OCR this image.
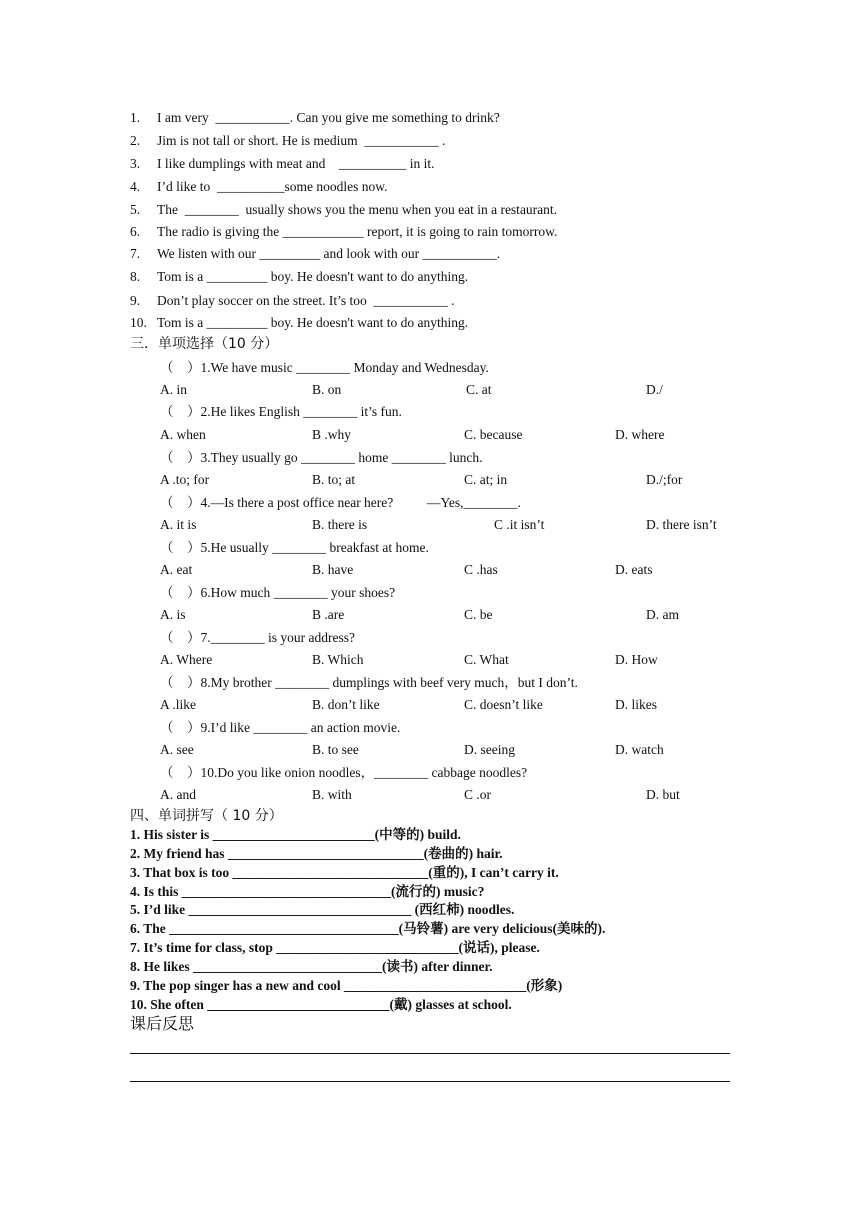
1. I am very  ___________. Can you give me something to drink?
2. Jim is not tall or short. He is medium  ___________ .
3. I like dumplings with meat and    __________ in it.
4. I’d like to  __________some noodles now.
5. The  ________  usually shows you the menu when you eat in a restaurant.
6. The radio is giving the ____________ report, it is going to rain tomorrow.
7. We listen with our _________ and look with our ___________.
8. Tom is a _________ boy. He doesn't want to do anything.
9. Don’t play soccer on the street. It’s too  ___________ .
10. Tom is a _________ boy. He doesn't want to do anything.
三．单项选择（10 分）
（    ）1.We have music ________ Monday and Wednesday.
A. in	B. on	C. at	D./
（    ）2.He likes English ________ it’s fun.
A. when	B .why	C. because	D. where
（    ）3.They usually go ________ home ________ lunch.
A .to; for	B. to; at	C. at; in	D./;for
（    ）4.—Is there a post office near here?          —Yes,________.
A. it is	B. there is	C .it isn’t	D. there isn’t
（    ）5.He usually ________ breakfast at home.
A. eat	B. have	C .has	D. eats
（    ）6.How much ________ your shoes?
A. is	B .are	C. be	D. am
（    ）7.________ is your address?
A. Where	B. Which	C. What	D. How
（    ）8.My brother ________ dumplings with beef very much，but I don’t.
A .like	B. don’t like	C. doesn’t like	D. likes
（    ）9.I’d like ________ an action movie.
A. see	B. to see	D. seeing	D. watch
（    ）10.Do you like onion noodles，________ cabbage noodles?
A. and	B. with	C .or	D. but
四、单词拼写（ 10 分）
1. His sister is ________________________(中等的) build.
2. My friend has _____________________________(卷曲的) hair.
3. That box is too _____________________________(重的), I can’t carry it.
4. Is this _______________________________(流行的) music?
5. I’d like _________________________________ (西红柿) noodles.
6. The __________________________________(马铃薯) are very delicious(美味的).
7. It’s time for class, stop ___________________________(说话), please.
8. He likes ____________________________(读书) after dinner.
9. The pop singer has a new and cool ___________________________(形象)
10. She often ___________________________(戴) glasses at school.
课后反思
